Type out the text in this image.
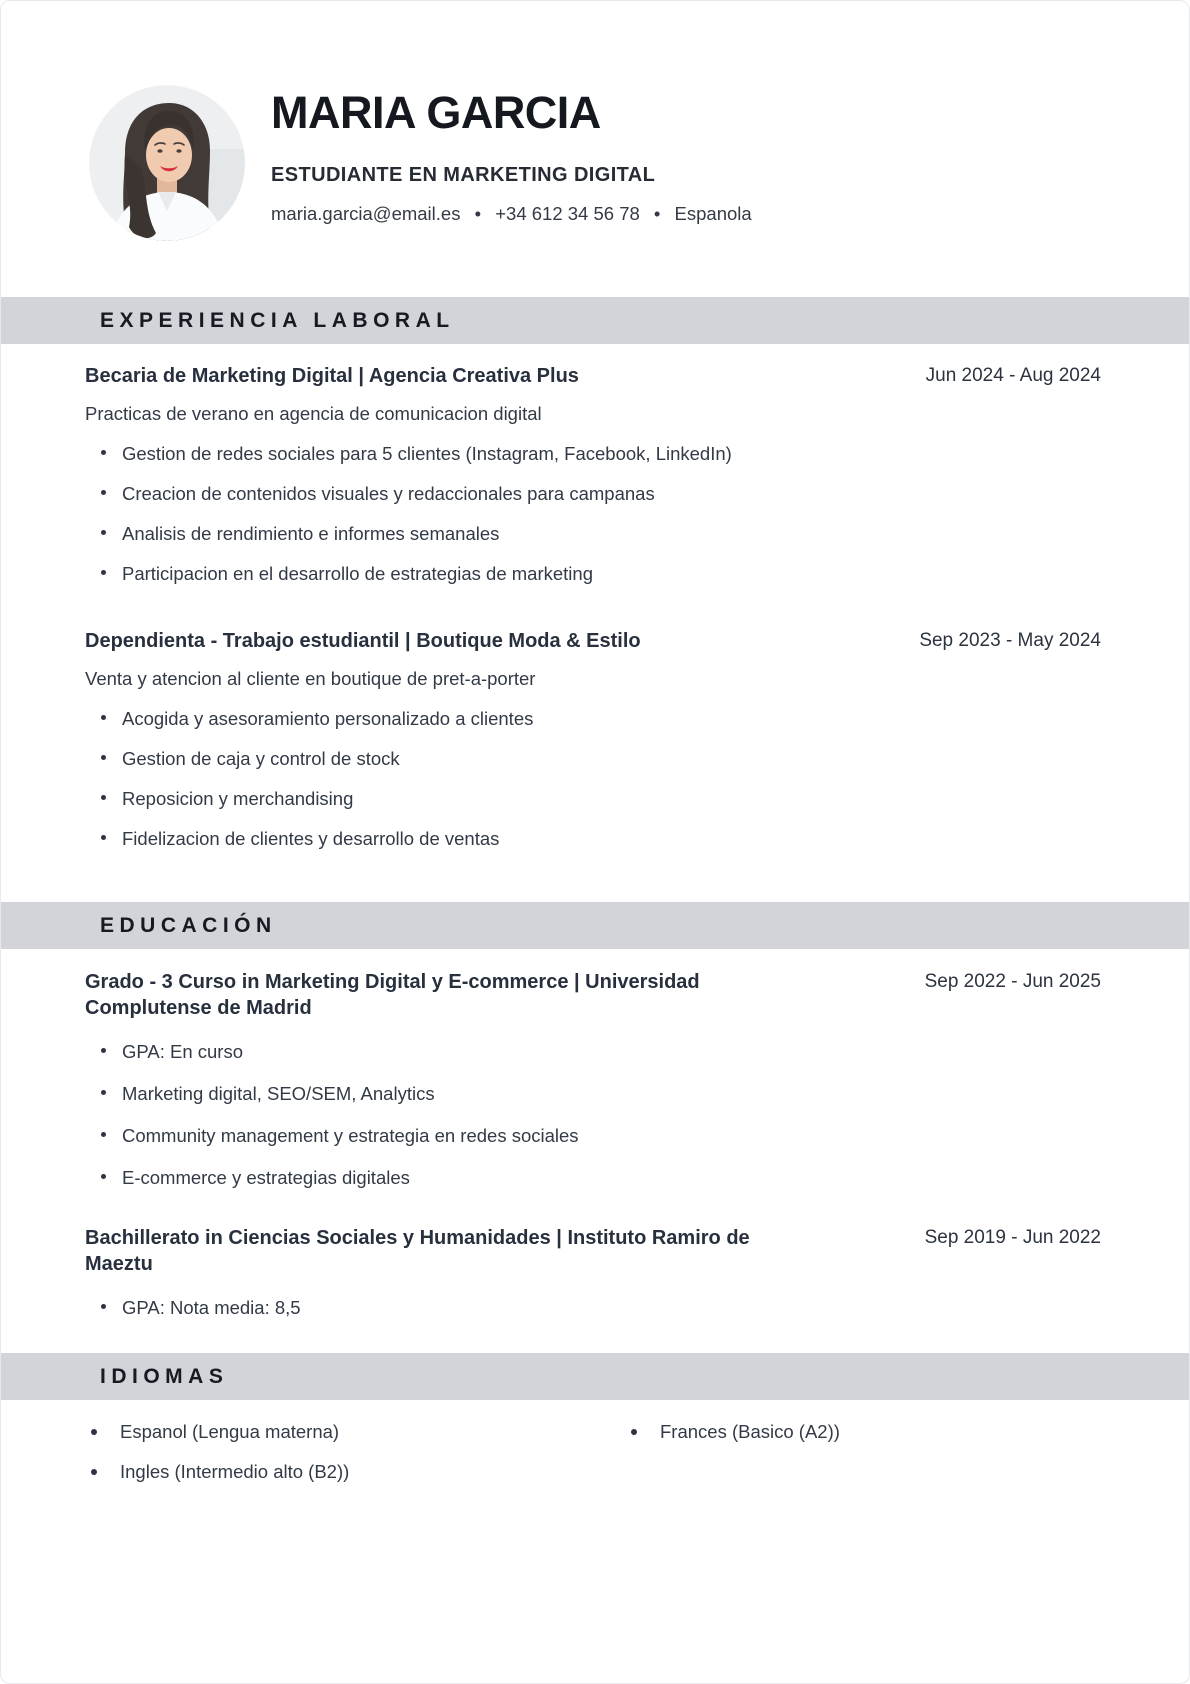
MARIA GARCIA
ESTUDIANTE EN MARKETING DIGITAL
maria.garcia@email.es • +34 612 34 56 78 • Espanola
EXPERIENCIA LABORAL
Becaria de Marketing Digital | Agencia Creativa Plus	Jun 2024 - Aug 2024

Practicas de verano en agencia de comunicacion digital

Gestion de redes sociales para 5 clientes (Instagram, Facebook, LinkedIn)
Creacion de contenidos visuales y redaccionales para campanas
Analisis de rendimiento e informes semanales
Participacion en el desarrollo de estrategias de marketing
Dependienta - Trabajo estudiantil | Boutique Moda & Estilo	Sep 2023 - May 2024

Venta y atencion al cliente en boutique de pret-a-porter

Acogida y asesoramiento personalizado a clientes
Gestion de caja y control de stock
Reposicion y merchandising
Fidelizacion de clientes y desarrollo de ventas
EDUCACIÓN
Grado - 3 Curso in Marketing Digital y E-commerce | Universidad Complutense de Madrid
Sep 2022 - Jun 2025
GPA: En curso
Marketing digital, SEO/SEM, Analytics
Community management y estrategia en redes sociales
E-commerce y estrategias digitales
Bachillerato in Ciencias Sociales y Humanidades | Instituto Ramiro de Maeztu
Sep 2019 - Jun 2022
GPA: Nota media: 8,5
IDIOMAS
Espanol (Lengua materna)
Ingles (Intermedio alto (B2))
Frances (Basico (A2))
